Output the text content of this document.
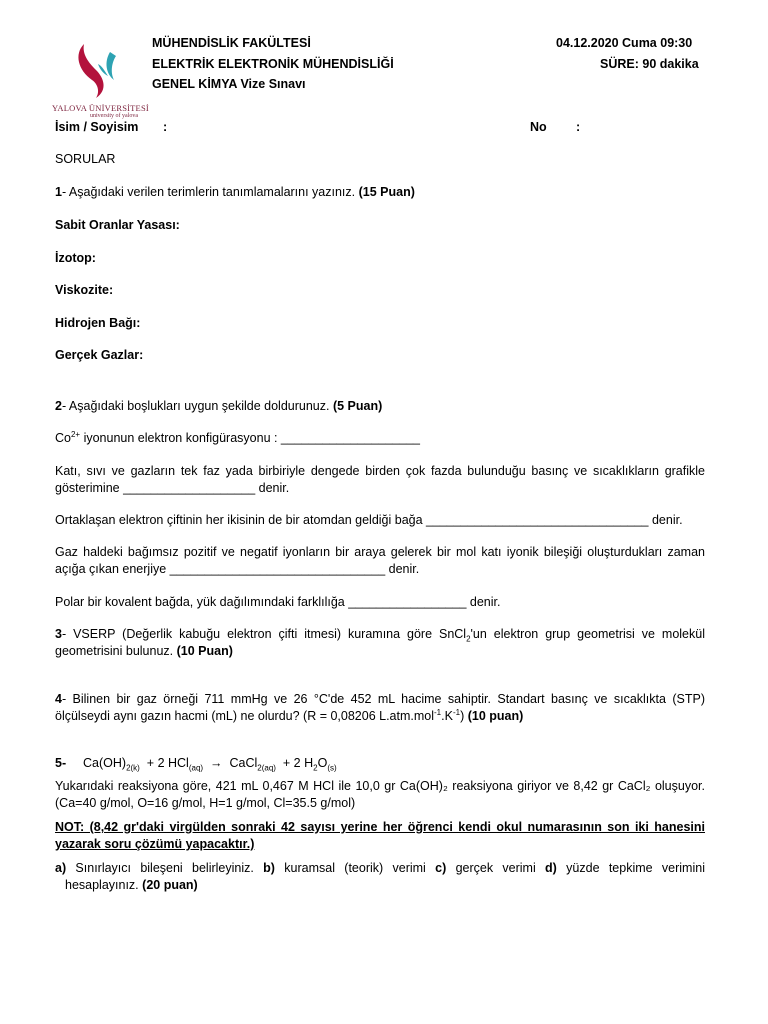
YALOVA ÜNİVERSİTESİ
university of yalova
MÜHENDİSLİK FAKÜLTESİ
ELEKTRİK ELEKTRONİK MÜHENDİSLİĞİ
GENEL KİMYA Vize Sınavı
04.12.2020 Cuma 09:30
SÜRE: 90 dakika
İsim / Soyisim :	No :
SORULAR
1- Aşağıdaki verilen terimlerin tanımlamalarını yazınız. (15 Puan)
Sabit Oranlar Yasası:
İzotop:
Viskozite:
Hidrojen Bağı:
Gerçek Gazlar:
2- Aşağıdaki boşlukları uygun şekilde doldurunuz. (5 Puan)
$Co^{2+}$ iyonunun elektron konfigürasyonu : ____________________
Katı, sıvı ve gazların tek faz yada birbiriyle dengede birden çok fazda bulunduğu basınç ve sıcaklıkların grafikle
gösterimine ___________________ denir.
Ortaklaşan elektron çiftinin her ikisinin de bir atomdan geldiği bağa ________________________________ denir.
Gaz haldeki bağımsız pozitif ve negatif iyonların bir araya gelerek bir mol katı iyonik bileşiği oluşturdukları zaman
açığa çıkan enerjiye _______________________________ denir.
Polar bir kovalent bağda, yük dağılımındaki farklılığa _________________ denir.
3- VSERP (Değerlik kabuğu elektron çifti itmesi) kuramına göre SnCl$_2$'un elektron grup geometrisi ve molekül
geometrisini bulunuz. (10 Puan)
4- Bilinen bir gaz örneği 711 mmHg ve 26 °C'de 452 mL hacime sahiptir. Standart basınç ve sıcaklıkta (STP)
ölçülseydi aynı gazın hacmi (mL) ne olurdu? (R = 0,08206 $L.atm.mol^{-1}.K^{-1}$) (10 puan)
5- $Ca(OH)_{2(k)} + 2$ HCl$_{(aq)}$ → CaCl$_{2(aq)}$ + 2 $H_2O_{(s)}$
Yukarıdaki reaksiyona göre, 421 mL 0,467 M HCl ile 10,0 gr Ca(OH)₂ reaksiyona giriyor ve 8,42 gr CaCl₂ oluşuyor.
(Ca=40 g/mol, O=16 g/mol, H=1 g/mol, Cl=35.5 g/mol)
NOT: (8,42 gr'daki virgülden sonraki 42 sayısı yerine her öğrenci kendi okul numarasının son iki hanesini
yazarak soru çözümü yapacaktır.)
a) Sınırlayıcı bileşeni belirleyiniz. b) kuramsal (teorik) verimi c) gerçek verimi d) yüzde tepkime verimini
hesaplayınız. (20 puan)
